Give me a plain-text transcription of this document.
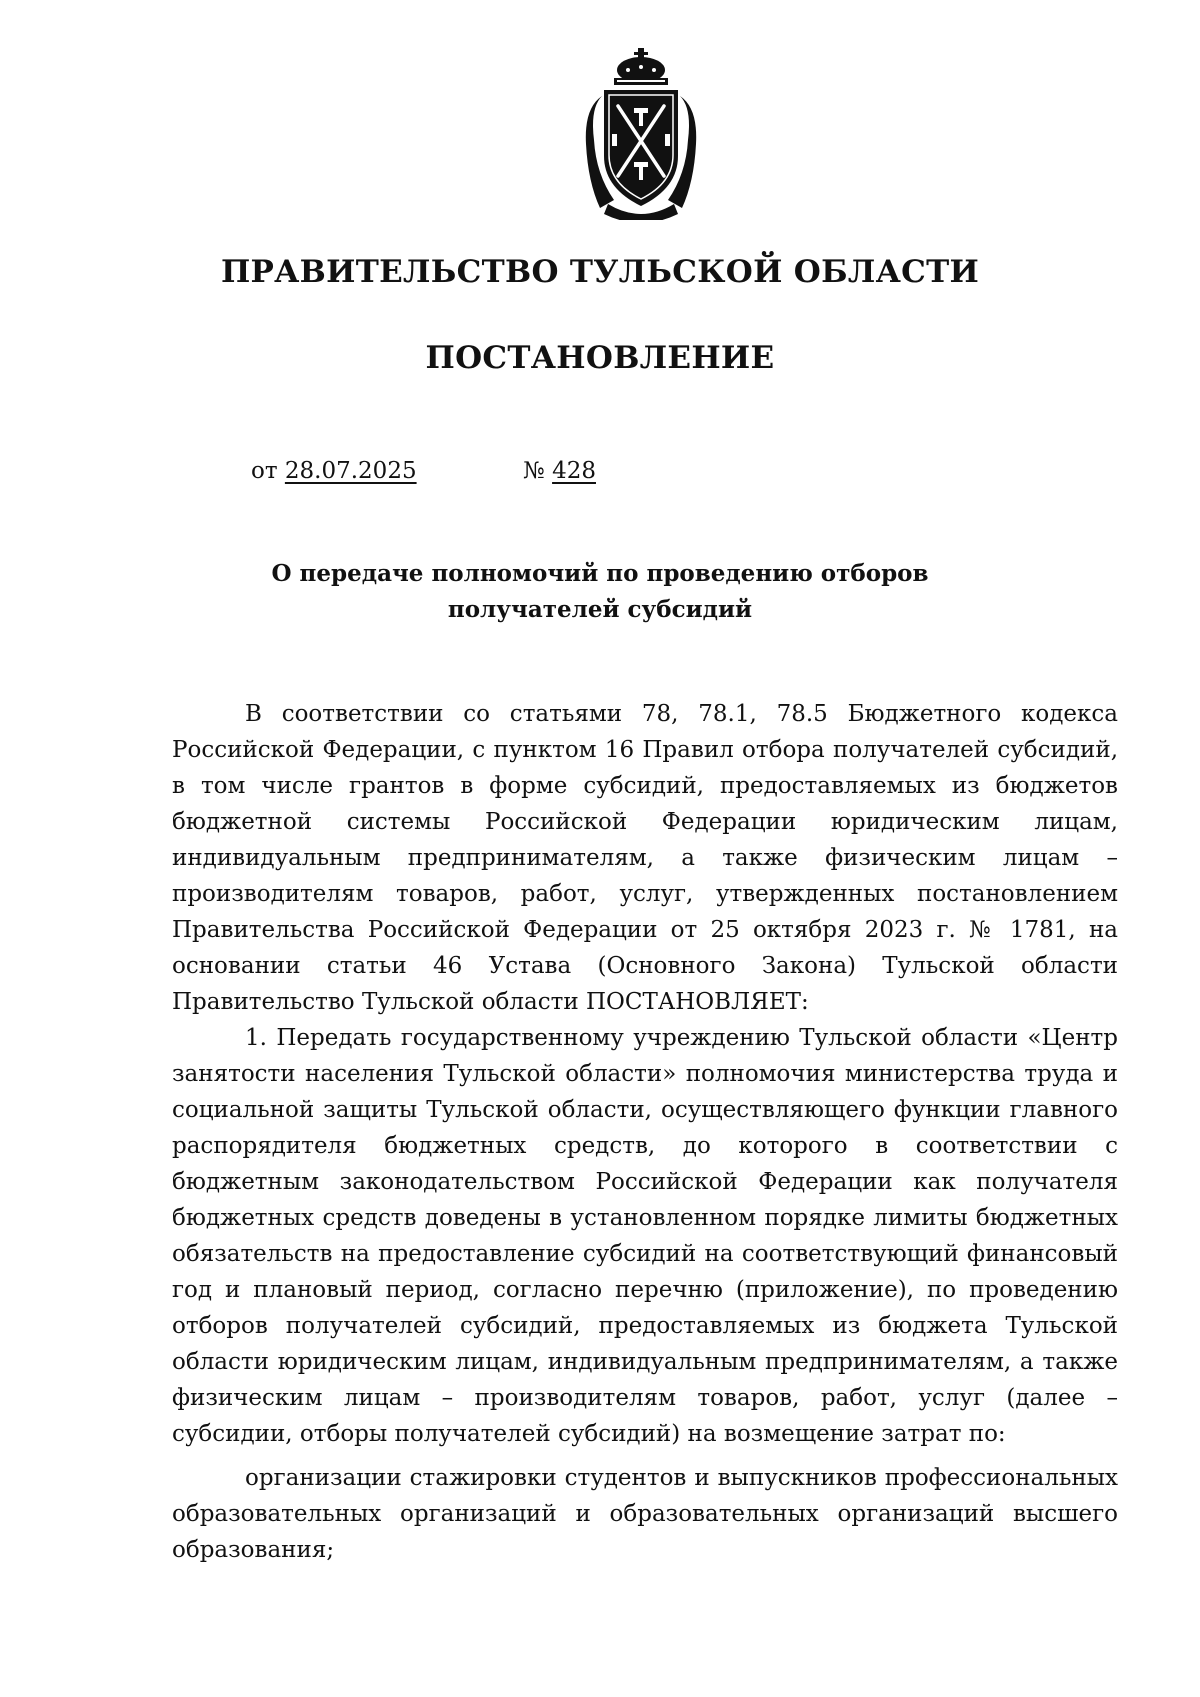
ПРАВИТЕЛЬСТВО ТУЛЬСКОЙ ОБЛАСТИ
ПОСТАНОВЛЕНИЕ
от 28.07.2025	№ 428
О передаче полномочий по проведению отборов
получателей субсидий

В соответствии со статьями 78, 78.1, 78.5 Бюджетного кодекса Российской Федерации, с пунктом 16 Правил отбора получателей субсидий, в том числе грантов в форме субсидий, предоставляемых из бюджетов бюджетной системы Российской Федерации юридическим лицам, индивидуальным предпринимателям, а также физическим лицам – производителям товаров, работ, услуг, утвержденных постановлением Правительства Российской Федерации от 25 октября 2023 г. № 1781, на основании статьи 46 Устава (Основного Закона) Тульской области Правительство Тульской области ПОСТАНОВЛЯЕТ:

1. Передать государственному учреждению Тульской области «Центр занятости населения Тульской области» полномочия министерства труда и социальной защиты Тульской области, осуществляющего функции главного распорядителя бюджетных средств, до которого в соответствии с бюджетным законодательством Российской Федерации как получателя бюджетных средств доведены в установленном порядке лимиты бюджетных обязательств на предоставление субсидий на соответствующий финансовый год и плановый период, согласно перечню (приложение), по проведению отборов получателей субсидий, предоставляемых из бюджета Тульской области юридическим лицам, индивидуальным предпринимателям, а также физическим лицам – производителям товаров, работ, услуг (далее – субсидии, отборы получателей субсидий) на возмещение затрат по:

организации стажировки студентов и выпускников профессиональных образовательных организаций и образовательных организаций высшего образования;
